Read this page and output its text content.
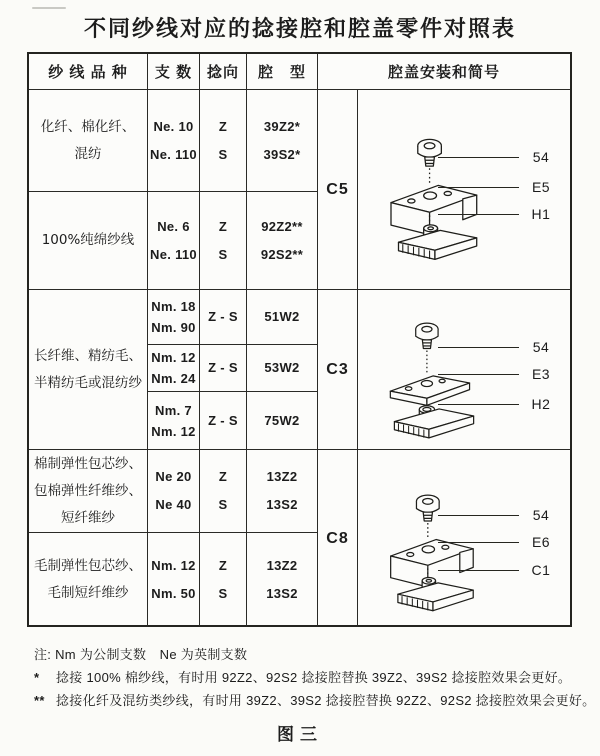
不同纱线对应的捻接腔和腔盖零件对照表
纱 线 品 种 支 数 捻向 腔　型	腔盖安装和简号
化纤、棉化纤、
混纺
Ne. 10
Ne. 110
Z
S
39Z2*
39S2*
100%纯绵纱线
Ne. 6
Ne. 110
Z
S
92Z2**
92S2**
C5
54
E5
H1
长纤维、精纺毛、
半精纺毛或混纺纱
Nm. 18
Nm. 90
Z - S 51W2
Nm. 12
Nm. 24
Z - S 53W2
Nm. 7
Nm. 12
Z - S 75W2
C3
54
E3
H2
棉制弹性包芯纱、
包棉弹性纤维纱、
短纤维纱
Ne 20
Ne 40
Z
S
13Z2
13S2
毛制弹性包芯纱、
毛制短纤维纱
Nm. 12
Nm. 50
Z
S
13Z2
13S2
C8
54
E6
C1
注: Nm 为公制支数　Ne 为英制支数
* 捻接 100% 棉纱线，有时用 92Z2、92S2 捻接腔替换 39Z2、39S2 捻接腔效果会更好。
** 捻接化纤及混纺类纱线，有时用 39Z2、39S2 捻接腔替换 92Z2、92S2 捻接腔效果会更好。
图三
